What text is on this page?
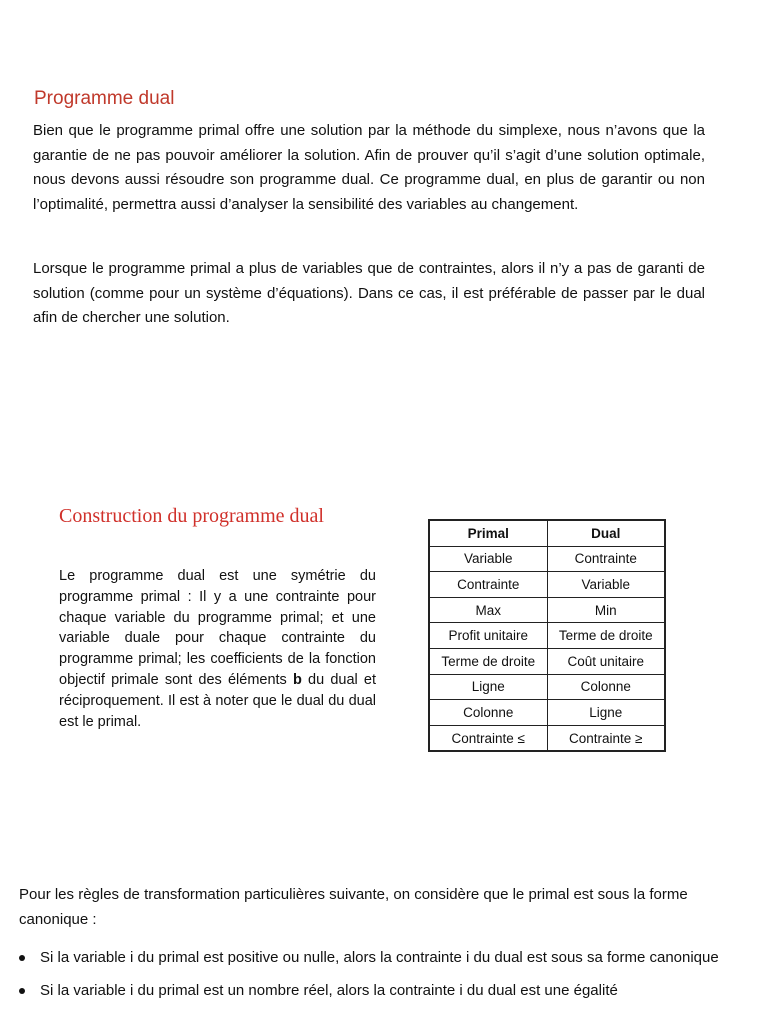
Programme dual

Bien que le programme primal offre une solution par la méthode du simplexe, nous n’avons que la garantie de ne pas pouvoir améliorer la solution. Afin de prouver qu’il s’agit d’une solution optimale, nous devons aussi résoudre son programme dual. Ce programme dual, en plus de garantir ou non l’optimalité, permettra aussi d’analyser la sensibilité des variables au changement.

Lorsque le programme primal a plus de variables que de contraintes, alors il n’y a pas de garanti de solution (comme pour un système d’équations). Dans ce cas, il est préférable de passer par le dual afin de chercher une solution.

Construction du programme dual

Le programme dual est une symétrie du programme primal : Il y a une contrainte pour chaque variable du programme primal; et une variable duale pour chaque contrainte du programme primal; les coefficients de la fonction objectif primale sont des éléments b du dual et réciproquement. Il est à noter que le dual du dual est le primal.

Primal	Dual
Variable	Contrainte
Contrainte	Variable
Max	Min
Profit unitaire	Terme de droite
Terme de droite	Coût unitaire
Ligne	Colonne
Colonne	Ligne
Contrainte ≤	Contrainte ≥

Pour les règles de transformation particulières suivante, on considère que le primal est sous la forme canonique :

Si la variable i du primal est positive ou nulle, alors la contrainte i du dual est sous sa forme canonique
Si la variable i du primal est un nombre réel, alors la contrainte i du dual est une égalité
